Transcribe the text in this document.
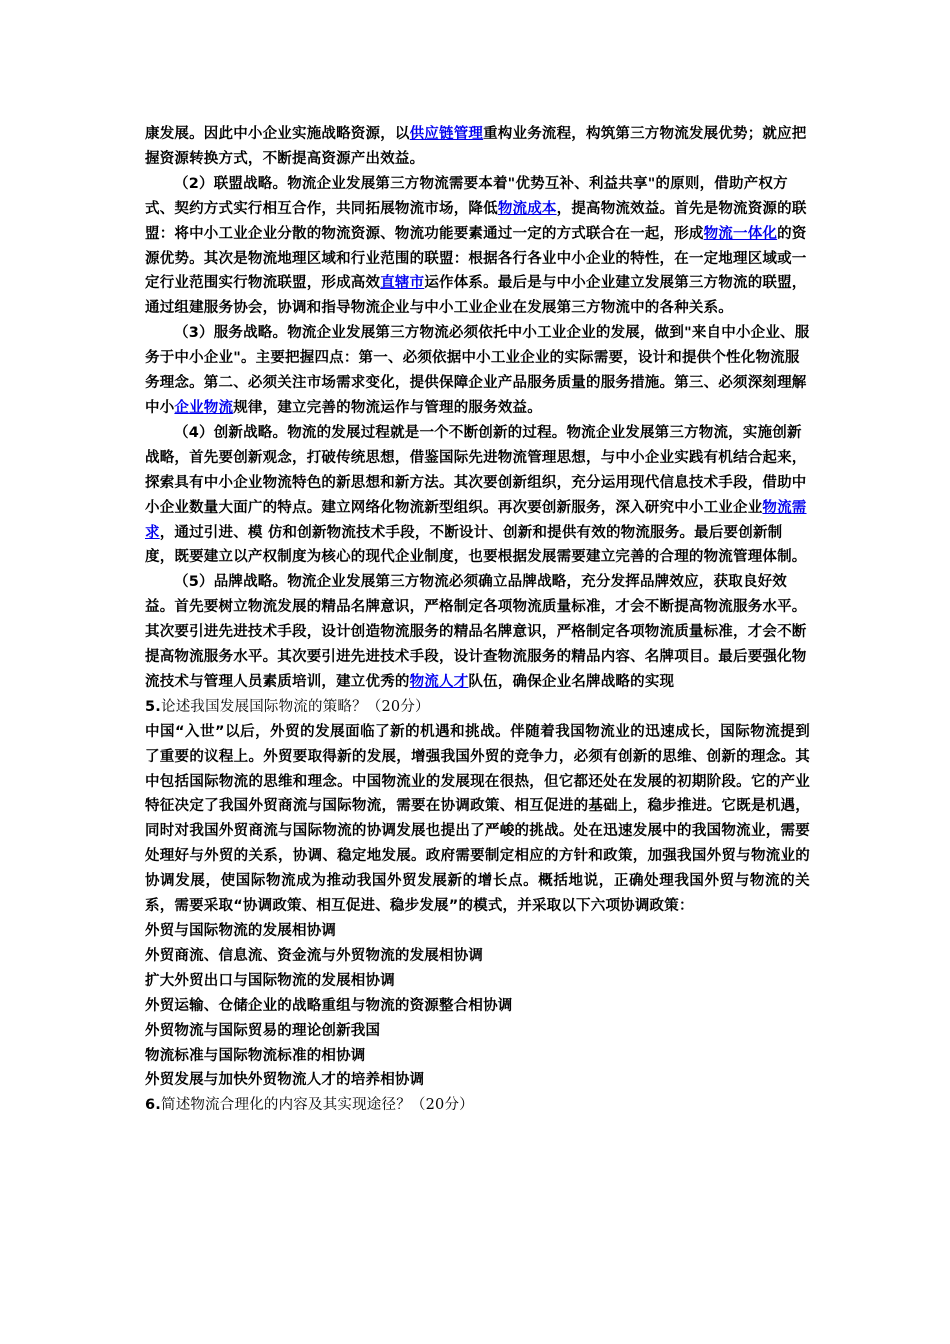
康发展。因此中小企业实施战略资源，以供应链管理重构业务流程，构筑第三方物流发展优势；就应把握资源转换方式，不断提高资源产出效益。

（2）联盟战略。物流企业发展第三方物流需要本着"优势互补、利益共享"的原则，借助产权方式、契约方式实行相互合作，共同拓展物流市场，降低物流成本，提高物流效益。首先是物流资源的联盟：将中小工业企业分散的物流资源、物流功能要素通过一定的方式联合在一起，形成物流一体化的资源优势。其次是物流地理区域和行业范围的联盟：根据各行各业中小企业的特性，在一定地理区域或一定行业范围实行物流联盟，形成高效直辖市运作体系。最后是与中小企业建立发展第三方物流的联盟，通过组建服务协会，协调和指导物流企业与中小工业企业在发展第三方物流中的各种关系。

（3）服务战略。物流企业发展第三方物流必须依托中小工业企业的发展，做到"来自中小企业、服务于中小企业"。主要把握四点：第一、必须依据中小工业企业的实际需要，设计和提供个性化物流服务理念。第二、必须关注市场需求变化，提供保障企业产品服务质量的服务措施。第三、必须深刻理解中小企业物流规律，建立完善的物流运作与管理的服务效益。

（4）创新战略。物流的发展过程就是一个不断创新的过程。物流企业发展第三方物流，实施创新战略，首先要创新观念，打破传统思想，借鉴国际先进物流管理思想，与中小企业实践有机结合起来，探索具有中小企业物流特色的新思想和新方法。其次要创新组织，充分运用现代信息技术手段，借助中小企业数量大面广的特点。建立网络化物流新型组织。再次要创新服务，深入研究中小工业企业物流需求，通过引进、模 仿和创新物流技术手段，不断设计、创新和提供有效的物流服务。最后要创新制度，既要建立以产权制度为核心的现代企业制度，也要根据发展需要建立完善的合理的物流管理体制。

（5）品牌战略。物流企业发展第三方物流必须确立品牌战略，充分发挥品牌效应，获取良好效益。首先要树立物流发展的精品名牌意识，严格制定各项物流质量标准，才会不断提高物流服务水平。其次要引进先进技术手段，设计创造物流服务的精品名牌意识，严格制定各项物流质量标准，才会不断提高物流服务水平。其次要引进先进技术手段，设计查物流服务的精品内容、名牌项目。最后要强化物流技术与管理人员素质培训，建立优秀的物流人才队伍，确保企业名牌战略的实现

5.论述我国发展国际物流的策略？（20分）

中国“入世”以后，外贸的发展面临了新的机遇和挑战。伴随着我国物流业的迅速成长，国际物流提到了重要的议程上。外贸要取得新的发展，增强我国外贸的竞争力，必须有创新的思维、创新的理念。其中包括国际物流的思维和理念。中国物流业的发展现在很热，但它都还处在发展的初期阶段。它的产业特征决定了我国外贸商流与国际物流，需要在协调政策、相互促进的基础上，稳步推进。它既是机遇，同时对我国外贸商流与国际物流的协调发展也提出了严峻的挑战。处在迅速发展中的我国物流业，需要处理好与外贸的关系，协调、稳定地发展。政府需要制定相应的方针和政策，加强我国外贸与物流业的协调发展，使国际物流成为推动我国外贸发展新的增长点。概括地说，正确处理我国外贸与物流的关系，需要采取“协调政策、相互促进、稳步发展”的模式，并采取以下六项协调政策：

外贸与国际物流的发展相协调

外贸商流、信息流、资金流与外贸物流的发展相协调

扩大外贸出口与国际物流的发展相协调

外贸运输、仓储企业的战略重组与物流的资源整合相协调

外贸物流与国际贸易的理论创新我国

物流标准与国际物流标准的相协调

外贸发展与加快外贸物流人才的培养相协调

6.简述物流合理化的内容及其实现途径？（20分）
